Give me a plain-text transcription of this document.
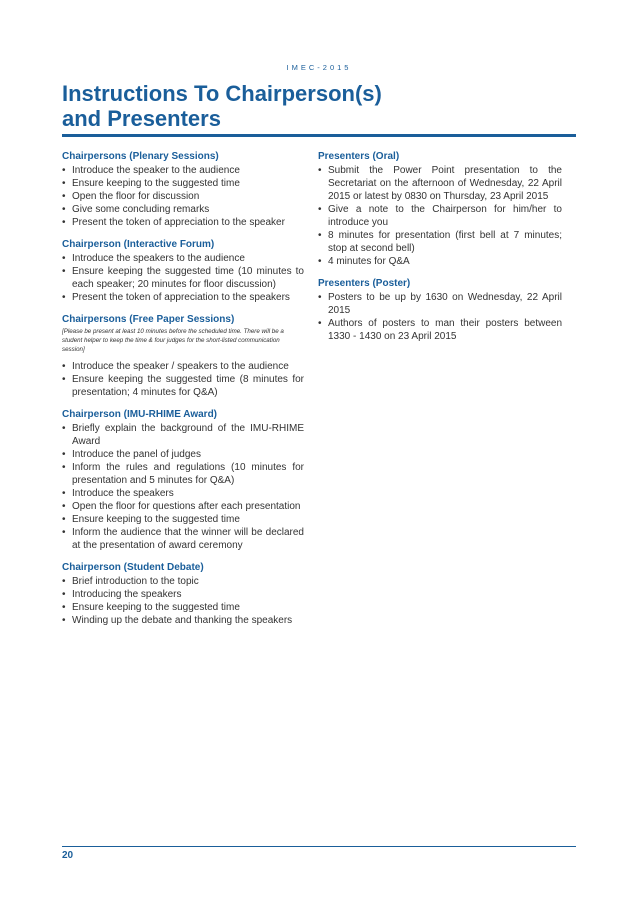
IMEC-2015
Instructions To Chairperson(s)
and Presenters
Chairpersons (Plenary Sessions)
• Introduce the speaker to the audience
• Ensure keeping to the suggested time
• Open the floor for discussion
• Give some concluding remarks
• Present the token of appreciation to the speaker
Chairperson (Interactive Forum)
• Introduce the speakers to the audience
• Ensure keeping the suggested time (10 minutes to each speaker; 20 minutes for floor discussion)
• Present the token of appreciation to the speakers
Chairpersons (Free Paper Sessions)
[Please be present at least 10 minutes before the scheduled time. There will be a student helper to keep the time & four judges for the short-listed communication session]
• Introduce the speaker / speakers to the audience
• Ensure keeping the suggested time (8 minutes for presentation; 4 minutes for Q&A)
Chairperson (IMU-RHIME Award)
• Briefly explain the background of the IMU-RHIME Award
• Introduce the panel of judges
• Inform the rules and regulations (10 minutes for presentation and 5 minutes for Q&A)
• Introduce the speakers
• Open the floor for questions after each presentation
• Ensure keeping to the suggested time
• Inform the audience that the winner will be declared at the presentation of award ceremony
Chairperson (Student Debate)
• Brief introduction to the topic
• Introducing the speakers
• Ensure keeping to the suggested time
• Winding up the debate and thanking the speakers
Presenters (Oral)
• Submit the Power Point presentation to the Secretariat on the afternoon of Wednesday, 22 April 2015 or latest by 0830 on Thursday, 23 April 2015
• Give a note to the Chairperson for him/her to introduce you
• 8 minutes for presentation (first bell at 7 minutes; stop at second bell)
• 4 minutes for Q&A
Presenters (Poster)
• Posters to be up by 1630 on Wednesday, 22 April 2015
• Authors of posters to man their posters between 1330 - 1430 on 23 April 2015
20
